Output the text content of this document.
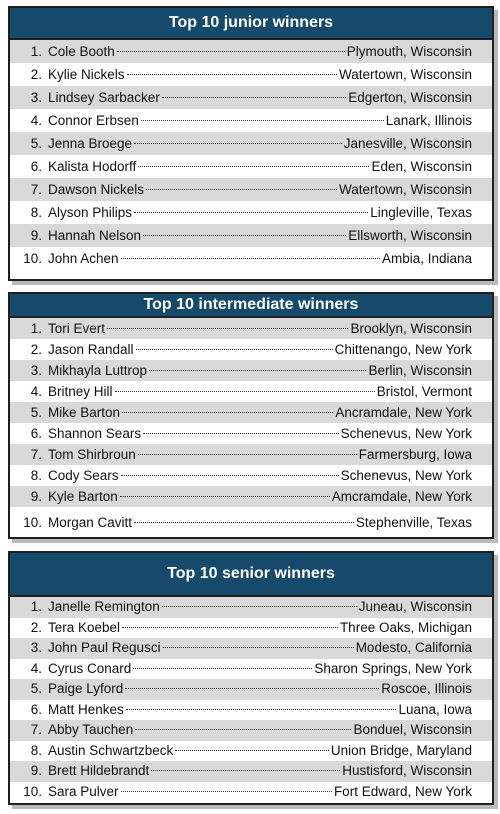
Top 10 junior winners
1. Cole Booth	Plymouth, Wisconsin
2. Kylie Nickels	Watertown, Wisconsin
3. Lindsey Sarbacker	Edgerton, Wisconsin
4. Connor Erbsen	Lanark, Illinois
5. Jenna Broege	Janesville, Wisconsin
6. Kalista Hodorff	Eden, Wisconsin
7. Dawson Nickels	Watertown, Wisconsin
8. Alyson Philips	Lingleville, Texas
9. Hannah Nelson	Ellsworth, Wisconsin
10. John Achen	Ambia, Indiana
Top 10 intermediate winners
1. Tori Evert	Brooklyn, Wisconsin
2. Jason Randall	Chittenango, New York
3. Mikhayla Luttrop	Berlin, Wisconsin
4. Britney Hill	Bristol, Vermont
5. Mike Barton	Ancramdale, New York
6. Shannon Sears	Schenevus, New York
7. Tom Shirbroun	Farmersburg, Iowa
8. Cody Sears	Schenevus, New York
9. Kyle Barton	Amcramdale, New York
10. Morgan Cavitt	Stephenville, Texas
Top 10 senior winners
1. Janelle Remington	Juneau, Wisconsin
2. Tera Koebel	Three Oaks, Michigan
3. John Paul Regusci	Modesto, California
4. Cyrus Conard	Sharon Springs, New York
5. Paige Lyford	Roscoe, Illinois
6. Matt Henkes	Luana, Iowa
7. Abby Tauchen	Bonduel, Wisconsin
8. Austin Schwartzbeck	Union Bridge, Maryland
9. Brett Hildebrandt	Hustisford, Wisconsin
10. Sara Pulver	Fort Edward, New York
